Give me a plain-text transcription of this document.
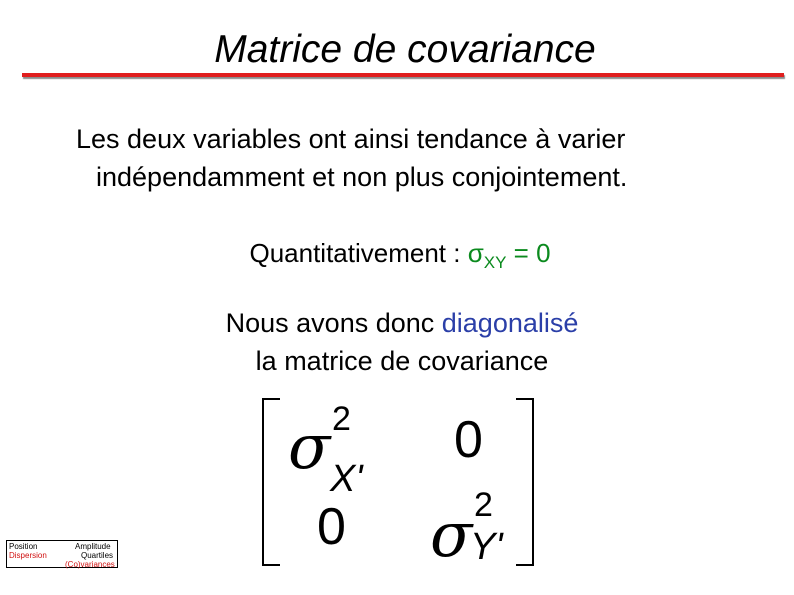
Matrice de covariance
Les deux variables ont ainsi tendance à varier
indépendamment et non plus conjointement.
Quantitativement : $\sigma_{XY} = 0$
Nous avons donc diagonalisé
la matrice de covariance
σ 2
X'
0
0 σ 2
Y'
Position
Dispersion
Amplitude
Quartiles
(Co)variances
